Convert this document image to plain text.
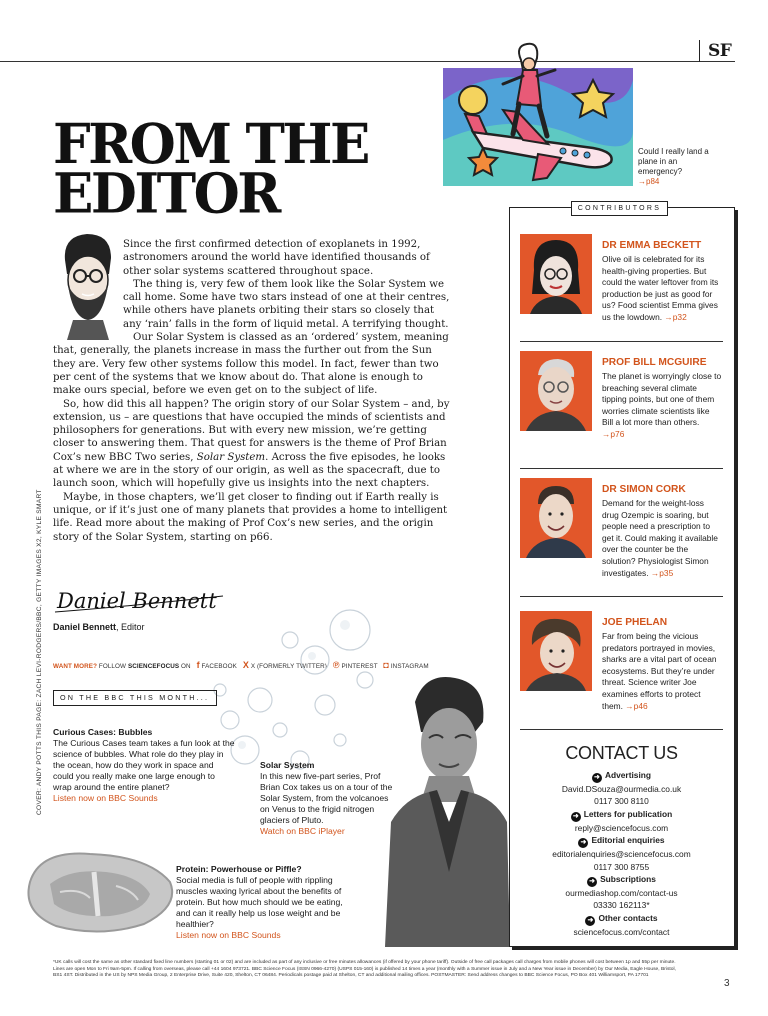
SF
Could I really land a plane in an emergency?
→p84
FROM THE
EDITOR

Since the first confirmed detection of exoplanets in 1992, astronomers around the world have identified thousands of other solar systems scattered throughout space.

The thing is, very few of them look like the Solar System we call home. Some have two stars instead of one at their centres, while others have planets orbiting their stars so closely that any ‘rain’ falls in the form of liquid metal. A terrifying thought.

Our Solar System is classed as an ‘ordered’ system, meaning that, generally, the planets increase in mass the further out from the Sun they are. Very few other systems follow this model. In fact, fewer than two per cent of the systems that we know about do. That alone is enough to make ours special, before we even get on to the subject of life.

So, how did this all happen? The origin story of our Solar System – and, by extension, us – are questions that have occupied the minds of scientists and philosophers for generations. But with every new mission, we’re getting closer to answering them. That quest for answers is the theme of Prof Brian Cox’s new BBC Two series, Solar System. Across the five episodes, he looks at where we are in the story of our origin, as well as the spacecraft, due to launch soon, which will hopefully give us insights into the next chapters.

Maybe, in those chapters, we’ll get closer to finding out if Earth really is unique, or if it’s just one of many planets that provides a home to intelligent life. Read more about the making of Prof Cox’s new series, and the origin story of the Solar System, starting on p66.

Daniel Bennett
Daniel Bennett, Editor
WANT MORE? FOLLOW SCIENCEFOCUS ON f FACEBOOK X X (FORMERLY TWITTER) ℗ PINTEREST ◘ INSTAGRAM
ON THE BBC THIS MONTH...
Curious Cases: Bubbles
The Curious Cases team takes a fun look at the science of bubbles. What role do they play in the ocean, how do they work in space and could you really make one large enough to wrap around the entire planet?
Listen now on BBC Sounds
Solar System
In this new five-part series, Prof Brian Cox takes us on a tour of the Solar System, from the volcanoes on Venus to the frigid nitrogen glaciers of Pluto.
Watch on BBC iPlayer
Protein: Powerhouse or Piffle?
Social media is full of people with rippling muscles waxing lyrical about the benefits of protein. But how much should we be eating, and can it really help us lose weight and be healthier?
Listen now on BBC Sounds
COVER: ANDY POTTS THIS PAGE: ZACH LEVI-RODGERS/BBC, GETTY IMAGES X2, KYLE SMART
CONTRIBUTORS
DR EMMA BECKETT
Olive oil is celebrated for its health-giving properties. But could the water leftover from its production be just as good for us? Food scientist Emma gives us the lowdown. →p32
PROF BILL MCGUIRE
The planet is worryingly close to breaching several climate tipping points, but one of them worries climate scientists like Bill a lot more than others. →p76
DR SIMON CORK
Demand for the weight-loss drug Ozempic is soaring, but people need a prescription to get it. Could making it available over the counter be the solution? Physiologist Simon investigates. →p35
JOE PHELAN
Far from being the vicious predators portrayed in movies, sharks are a vital part of ocean ecosystems. But they’re under threat. Science writer Joe examines efforts to protect them. →p46
CONTACT US
➜ Advertising
David.DSouza@ourmedia.co.uk
0117 300 8110
➜ Letters for publication
reply@sciencefocus.com
➜ Editorial enquiries
editorialenquiries@sciencefocus.com
0117 300 8755
➜ Subscriptions
ourmediashop.com/contact-us
03330 162113*
➜ Other contacts
sciencefocus.com/contact
*UK calls will cost the same as other standard fixed line numbers (starting 01 or 02) and are included as part of any inclusive or free minutes allowances (if offered by your phone tariff). Outside of free call packages call charges from mobile phones will cost between 1p and 55p per minute. Lines are open Mon to Fri 9am-5pm. If calling from overseas, please call +44 1604 973721. BBC Science Focus (ISSN 0966-4270) (USPS 015-160) is published 14 times a year (monthly with a Summer issue in July and a New Year issue in December) by Our Media, Eagle House, Bristol, BS1 4ST. Distributed in the US by NPS Media Group, 2 Enterprise Drive, Suite 420, Shelton, CT 06484. Periodicals postage paid at Shelton, CT and additional mailing offices. POSTMASTER: Send address changes to BBC Science Focus, PO Box 401 Williamsport, PA 17701
3
